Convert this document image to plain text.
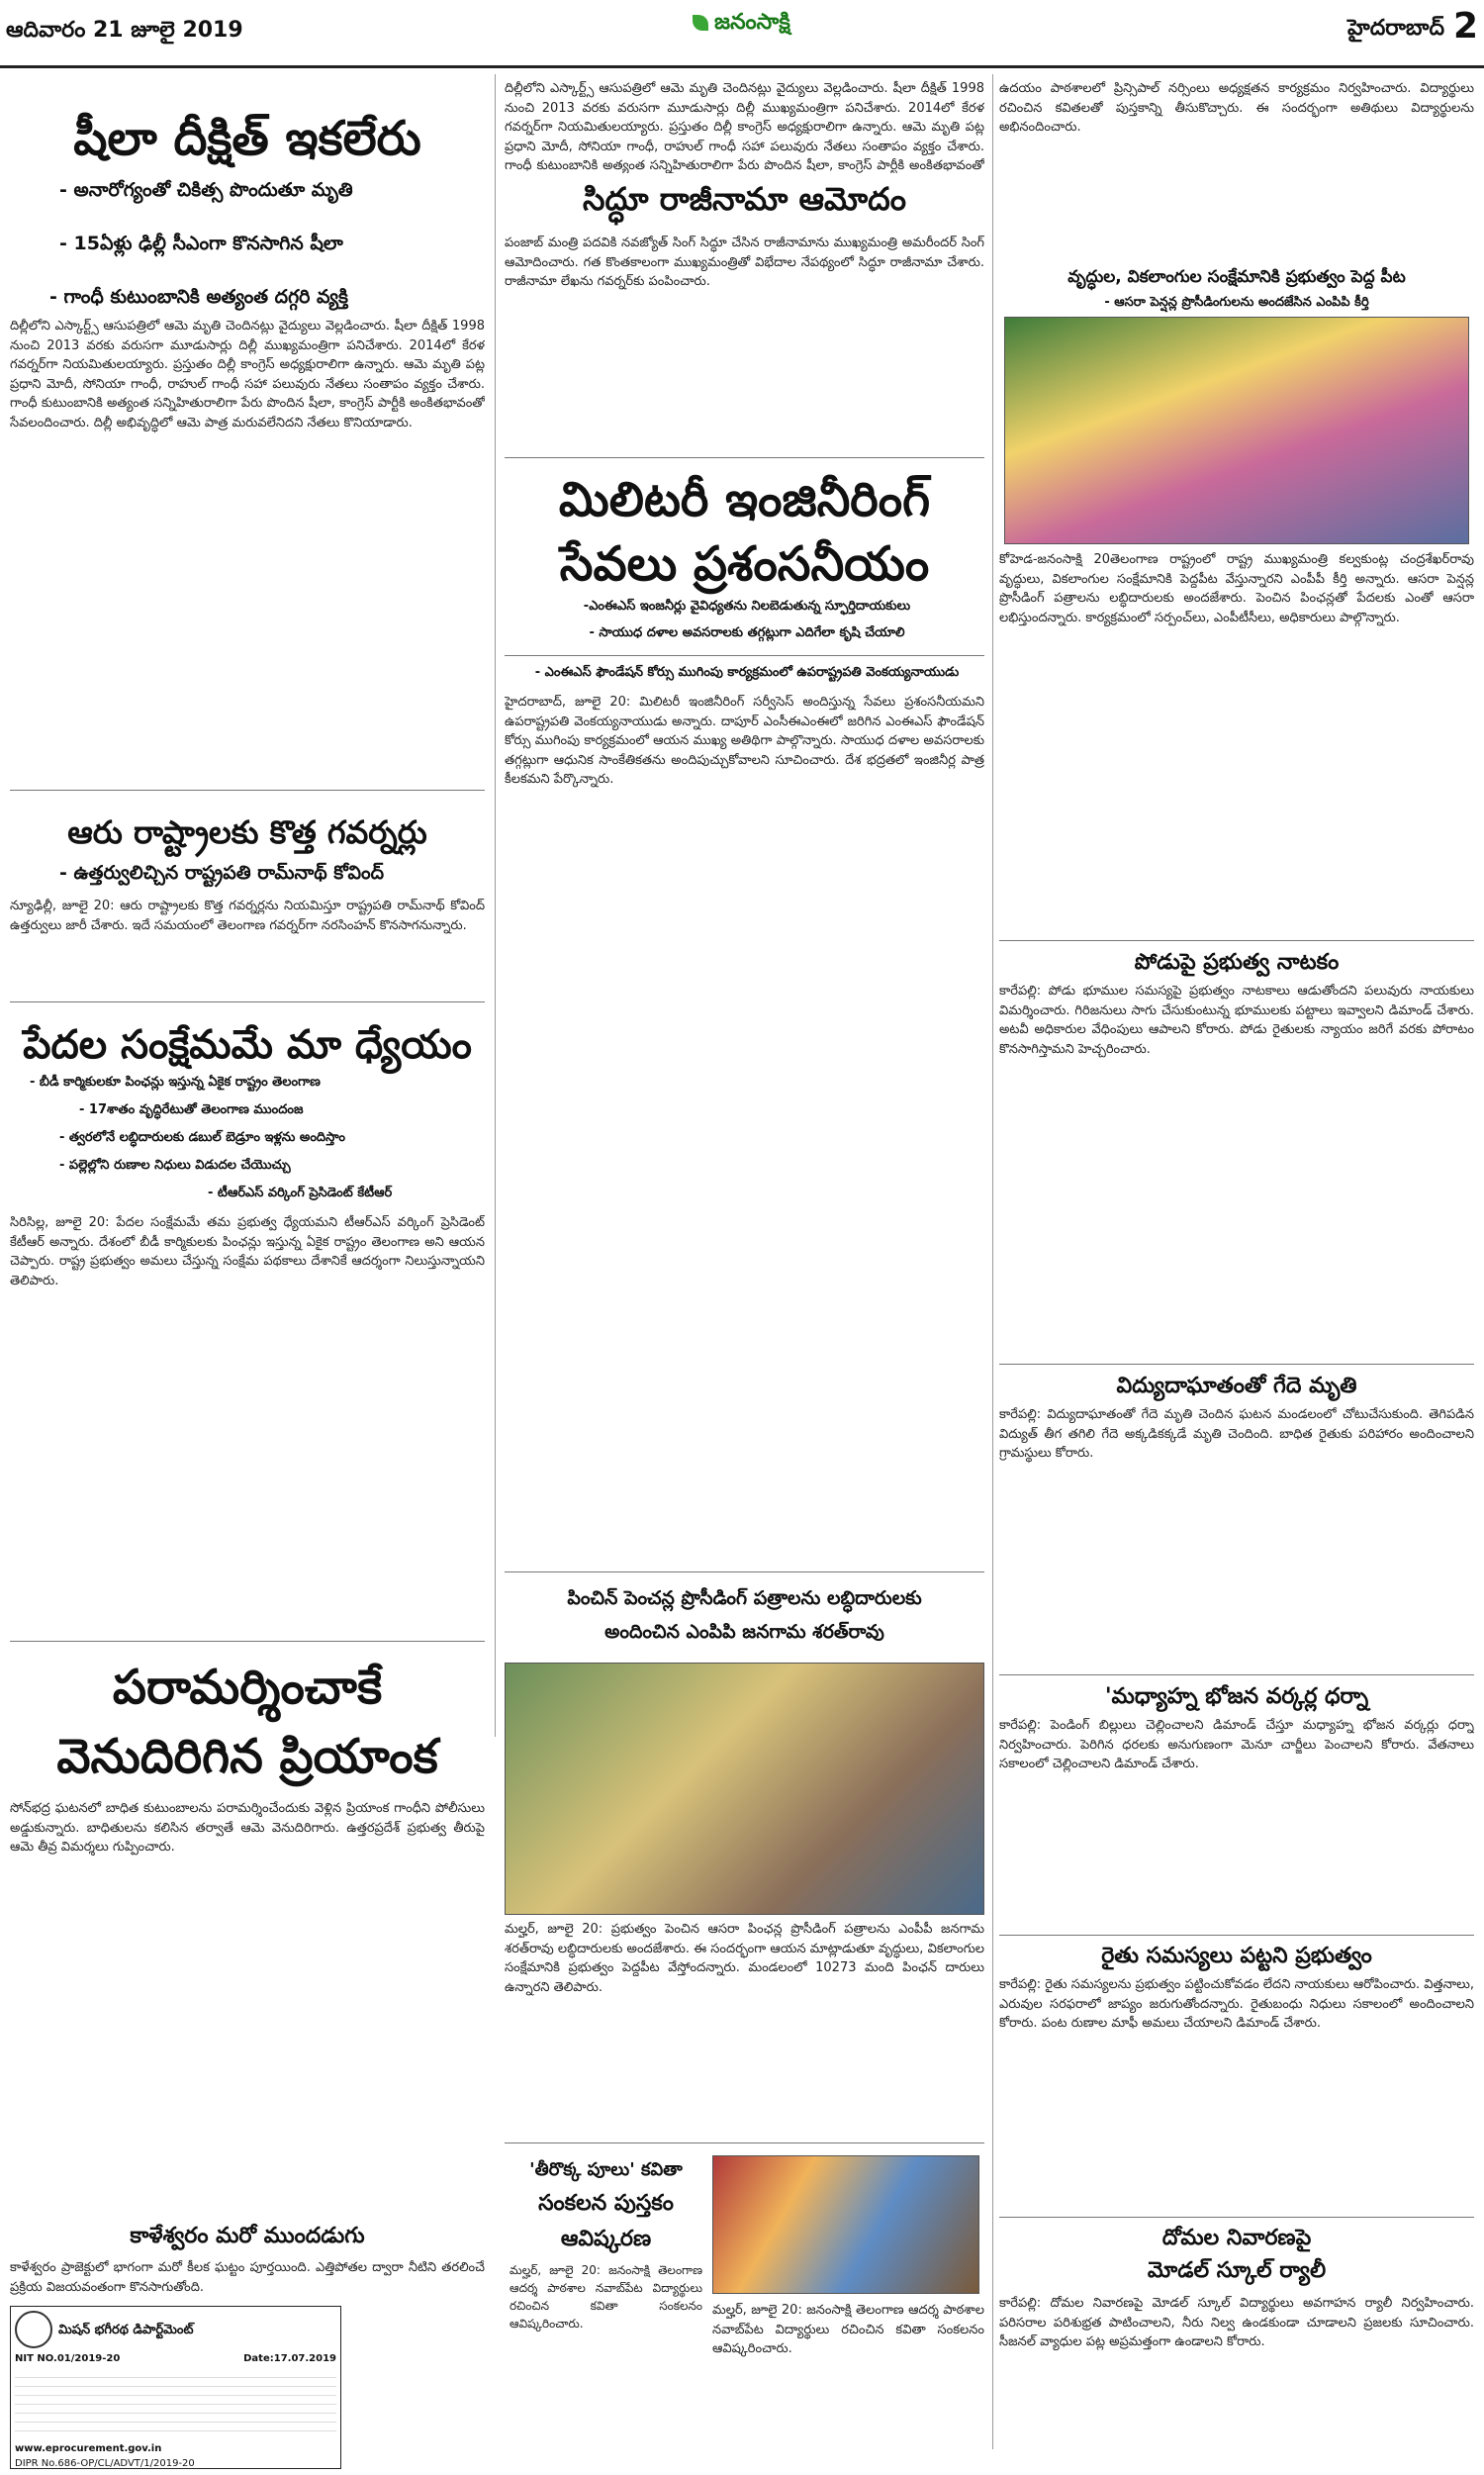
ఆదివారం 21 జూలై 2019	జనంసాక్షి	హైదరాబాద్ 2
షీలా దీక్షిత్‌ ఇకలేరు
- అనారోగ్యంతో చికిత్స పొందుతూ మృతి
- 15ఏళ్లు ఢిల్లీ సీఎంగా కొనసాగిన షీలా
- గాంధీ కుటుంబానికి అత్యంత దగ్గరి వ్యక్తి
దిల్లీలోని ఎస్కార్ట్స్‌ ఆసుపత్రిలో ఆమె మృతి చెందినట్లు వైద్యులు వెల్లడించారు. షీలా దీక్షిత్‌ 1998 నుంచి 2013 వరకు వరుసగా మూడుసార్లు దిల్లీ ముఖ్యమంత్రిగా పనిచేశారు. 2014లో కేరళ గవర్నర్‌గా నియమితులయ్యారు. ప్రస్తుతం దిల్లీ కాంగ్రెస్‌ అధ్యక్షురాలిగా ఉన్నారు. ఆమె మృతి పట్ల ప్రధాని మోదీ, సోనియా గాంధీ, రాహుల్‌ గాంధీ సహా పలువురు నేతలు సంతాపం వ్యక్తం చేశారు. గాంధీ కుటుంబానికి అత్యంత సన్నిహితురాలిగా పేరు పొందిన షీలా, కాంగ్రెస్‌ పార్టీకి అంకితభావంతో సేవలందించారు. దిల్లీ అభివృద్ధిలో ఆమె పాత్ర మరువలేనిదని నేతలు కొనియాడారు.
ఆరు రాష్ట్రాలకు కొత్త గవర్నర్లు
- ఉత్తర్వులిచ్చిన రాష్ట్రపతి రామ్‌నాథ్‌ కోవింద్‌
న్యూఢిల్లీ, జూలై 20: ఆరు రాష్ట్రాలకు కొత్త గవర్నర్లను నియమిస్తూ రాష్ట్రపతి రామ్‌నాథ్‌ కోవింద్‌ ఉత్తర్వులు జారీ చేశారు. ఇదే సమయంలో తెలంగాణ గవర్నర్‌గా నరసింహన్‌ కొనసాగనున్నారు.
పేదల సంక్షేమమే మా ధ్యేయం
- బీడీ కార్మికులకూ పింఛన్లు ఇస్తున్న ఏకైక రాష్ట్రం తెలంగాణ
- 17శాతం వృద్ధిరేటుతో తెలంగాణ ముందంజ
- త్వరలోనే లబ్ధిదారులకు డబుల్‌ బెడ్రూం ఇళ్లను అందిస్తాం
- పల్లెల్లోని రుణాల నిధులు విడుదల చేయొచ్చు
- టీఆర్‌ఎస్‌ వర్కింగ్‌ ప్రెసిడెంట్‌ కేటీఆర్‌
సిరిసిల్ల, జూలై 20: పేదల సంక్షేమమే తమ ప్రభుత్వ ధ్యేయమని టీఆర్‌ఎస్‌ వర్కింగ్‌ ప్రెసిడెంట్‌ కేటీఆర్‌ అన్నారు. దేశంలో బీడీ కార్మికులకు పింఛన్లు ఇస్తున్న ఏకైక రాష్ట్రం తెలంగాణ అని ఆయన చెప్పారు. రాష్ట్ర ప్రభుత్వం అమలు చేస్తున్న సంక్షేమ పథకాలు దేశానికే ఆదర్శంగా నిలుస్తున్నాయని తెలిపారు.
పరామర్శించాకే
వెనుదిరిగిన ప్రియాంక
సోన్‌భద్ర ఘటనలో బాధిత కుటుంబాలను పరామర్శించేందుకు వెళ్లిన ప్రియాంక గాంధీని పోలీసులు అడ్డుకున్నారు. బాధితులను కలిసిన తర్వాతే ఆమె వెనుదిరిగారు. ఉత్తరప్రదేశ్‌ ప్రభుత్వ తీరుపై ఆమె తీవ్ర విమర్శలు గుప్పించారు.
కాళేశ్వరం మరో ముందడుగు
కాళేశ్వరం ప్రాజెక్టులో భాగంగా మరో కీలక ఘట్టం పూర్తయింది. ఎత్తిపోతల ద్వారా నీటిని తరలించే ప్రక్రియ విజయవంతంగా కొనసాగుతోంది.
మిషన్‌ భగీరథ డిపార్ట్‌మెంట్‌
NIT NO.01/2019-20	Date:17.07.2019
www.eprocurement.gov.in
DIPR No.686-OP/CL/ADVT/1/2019-20
దిల్లీలోని ఎస్కార్ట్స్‌ ఆసుపత్రిలో ఆమె మృతి చెందినట్లు వైద్యులు వెల్లడించారు. షీలా దీక్షిత్‌ 1998 నుంచి 2013 వరకు వరుసగా మూడుసార్లు దిల్లీ ముఖ్యమంత్రిగా పనిచేశారు. 2014లో కేరళ గవర్నర్‌గా నియమితులయ్యారు. ప్రస్తుతం దిల్లీ కాంగ్రెస్‌ అధ్యక్షురాలిగా ఉన్నారు. ఆమె మృతి పట్ల ప్రధాని మోదీ, సోనియా గాంధీ, రాహుల్‌ గాంధీ సహా పలువురు నేతలు సంతాపం వ్యక్తం చేశారు. గాంధీ కుటుంబానికి అత్యంత సన్నిహితురాలిగా పేరు పొందిన షీలా, కాంగ్రెస్‌ పార్టీకి అంకితభావంతో
సిద్ధూ రాజీనామా ఆమోదం
పంజాబ్‌ మంత్రి పదవికి నవజ్యోత్‌ సింగ్‌ సిద్ధూ చేసిన రాజీనామాను ముఖ్యమంత్రి అమరీందర్‌ సింగ్‌ ఆమోదించారు. గత కొంతకాలంగా ముఖ్యమంత్రితో విభేదాల నేపథ్యంలో సిద్ధూ రాజీనామా చేశారు. రాజీనామా లేఖను గవర్నర్‌కు పంపించారు.
మిలిటరీ ఇంజినీరింగ్‌
సేవలు ప్రశంసనీయం
-ఎంఈఎస్‌ ఇంజనీర్లు వైవిధ్యతను నిలబెడుతున్న స్ఫూర్తిదాయకులు
- సాయుధ దళాల అవసరాలకు తగ్గట్లుగా ఎదిగేలా కృషి చేయాలి
- ఎంఈఎస్‌ ఫౌండేషన్‌ కోర్సు ముగింపు కార్యక్రమంలో ఉపరాష్ట్రపతి వెంకయ్యనాయుడు
హైదరాబాద్‌, జూలై 20: మిలిటరీ ఇంజినీరింగ్‌ సర్వీసెస్‌ అందిస్తున్న సేవలు ప్రశంసనీయమని ఉపరాష్ట్రపతి వెంకయ్యనాయుడు అన్నారు. దాపూర్‌ ఎంసీఈఎంఈలో జరిగిన ఎంఈఎస్‌ ఫౌండేషన్‌ కోర్సు ముగింపు కార్యక్రమంలో ఆయన ముఖ్య అతిథిగా పాల్గొన్నారు. సాయుధ దళాల అవసరాలకు తగ్గట్లుగా ఆధునిక సాంకేతికతను అందిపుచ్చుకోవాలని సూచించారు. దేశ భద్రతలో ఇంజినీర్ల పాత్ర కీలకమని పేర్కొన్నారు.
పించిన్‌ పెంచన్ల ప్రొసీడింగ్‌ పత్రాలను లబ్ధిదారులకు
అందించిన ఎంపిపి జనగామ శరత్‌రావు
మల్హర్‌, జూలై 20: ప్రభుత్వం పెంచిన ఆసరా పింఛన్ల ప్రొసీడింగ్‌ పత్రాలను ఎంపీపీ జనగామ శరత్‌రావు లబ్ధిదారులకు అందజేశారు. ఈ సందర్భంగా ఆయన మాట్లాడుతూ వృద్ధులు, వికలాంగుల సంక్షేమానికి ప్రభుత్వం పెద్దపీట వేస్తోందన్నారు. మండలంలో 10273 మంది పింఛన్‌ దారులు ఉన్నారని తెలిపారు.
'తీరొక్క పూలు' కవితా
సంకలన పుస్తకం
ఆవిష్కరణ
మల్హర్‌, జూలై 20: జనంసాక్షి తెలంగాణ ఆదర్శ పాఠశాల నవాబ్‌పేట విద్యార్థులు రచించిన కవితా సంకలనం ఆవిష్కరించారు.
మల్హర్‌, జూలై 20: జనంసాక్షి తెలంగాణ ఆదర్శ పాఠశాల నవాబ్‌పేట విద్యార్థులు రచించిన కవితా సంకలనం ఆవిష్కరించారు.
ఉదయం పాఠశాలలో ప్రిన్సిపాల్‌ నర్సింలు అధ్యక్షతన కార్యక్రమం నిర్వహించారు. విద్యార్థులు రచించిన కవితలతో పుస్తకాన్ని తీసుకొచ్చారు. ఈ సందర్భంగా అతిథులు విద్యార్థులను అభినందించారు.
వృద్ధుల, వికలాంగుల సంక్షేమానికి ప్రభుత్వం పెద్ద పీట
- ఆసరా పెన్షన్ల ప్రొసీడింగులను అందజేసిన ఎంపిపి కీర్తి
కోహెడ-జనంసాక్షి 20తెలంగాణ రాష్ట్రంలో రాష్ట్ర ముఖ్యమంత్రి కల్వకుంట్ల చంద్రశేఖర్‌రావు వృద్ధులు, వికలాంగుల సంక్షేమానికి పెద్దపీట వేస్తున్నారని ఎంపీపీ కీర్తి అన్నారు. ఆసరా పెన్షన్ల ప్రొసీడింగ్‌ పత్రాలను లబ్ధిదారులకు అందజేశారు. పెంచిన పింఛన్లతో పేదలకు ఎంతో ఆసరా లభిస్తుందన్నారు. కార్యక్రమంలో సర్పంచ్‌లు, ఎంపీటీసీలు, అధికారులు పాల్గొన్నారు.
పోడుపై ప్రభుత్వ నాటకం
కారేపల్లి: పోడు భూముల సమస్యపై ప్రభుత్వం నాటకాలు ఆడుతోందని పలువురు నాయకులు విమర్శించారు. గిరిజనులు సాగు చేసుకుంటున్న భూములకు పట్టాలు ఇవ్వాలని డిమాండ్‌ చేశారు. అటవీ అధికారుల వేధింపులు ఆపాలని కోరారు. పోడు రైతులకు న్యాయం జరిగే వరకు పోరాటం కొనసాగిస్తామని హెచ్చరించారు.
విద్యుదాఘాతంతో గేదె మృతి
కారేపల్లి: విద్యుదాఘాతంతో గేదె మృతి చెందిన ఘటన మండలంలో చోటుచేసుకుంది. తెగిపడిన విద్యుత్‌ తీగ తగిలి గేదె అక్కడికక్కడే మృతి చెందింది. బాధిత రైతుకు పరిహారం అందించాలని గ్రామస్థులు కోరారు.
'మధ్యాహ్న భోజన వర్కర్ల ధర్నా
కారేపల్లి: పెండింగ్‌ బిల్లులు చెల్లించాలని డిమాండ్‌ చేస్తూ మధ్యాహ్న భోజన వర్కర్లు ధర్నా నిర్వహించారు. పెరిగిన ధరలకు అనుగుణంగా మెనూ చార్జీలు పెంచాలని కోరారు. వేతనాలు సకాలంలో చెల్లించాలని డిమాండ్‌ చేశారు.
రైతు సమస్యలు పట్టని ప్రభుత్వం
కారేపల్లి: రైతు సమస్యలను ప్రభుత్వం పట్టించుకోవడం లేదని నాయకులు ఆరోపించారు. విత్తనాలు, ఎరువుల సరఫరాలో జాప్యం జరుగుతోందన్నారు. రైతుబంధు నిధులు సకాలంలో అందించాలని కోరారు. పంట రుణాల మాఫీ అమలు చేయాలని డిమాండ్‌ చేశారు.
దోమల నివారణపై
మోడల్‌ స్కూల్‌ ర్యాలీ
కారేపల్లి: దోమల నివారణపై మోడల్‌ స్కూల్‌ విద్యార్థులు అవగాహన ర్యాలీ నిర్వహించారు. పరిసరాల పరిశుభ్రత పాటించాలని, నీరు నిల్వ ఉండకుండా చూడాలని ప్రజలకు సూచించారు. సీజనల్‌ వ్యాధుల పట్ల అప్రమత్తంగా ఉండాలని కోరారు.
